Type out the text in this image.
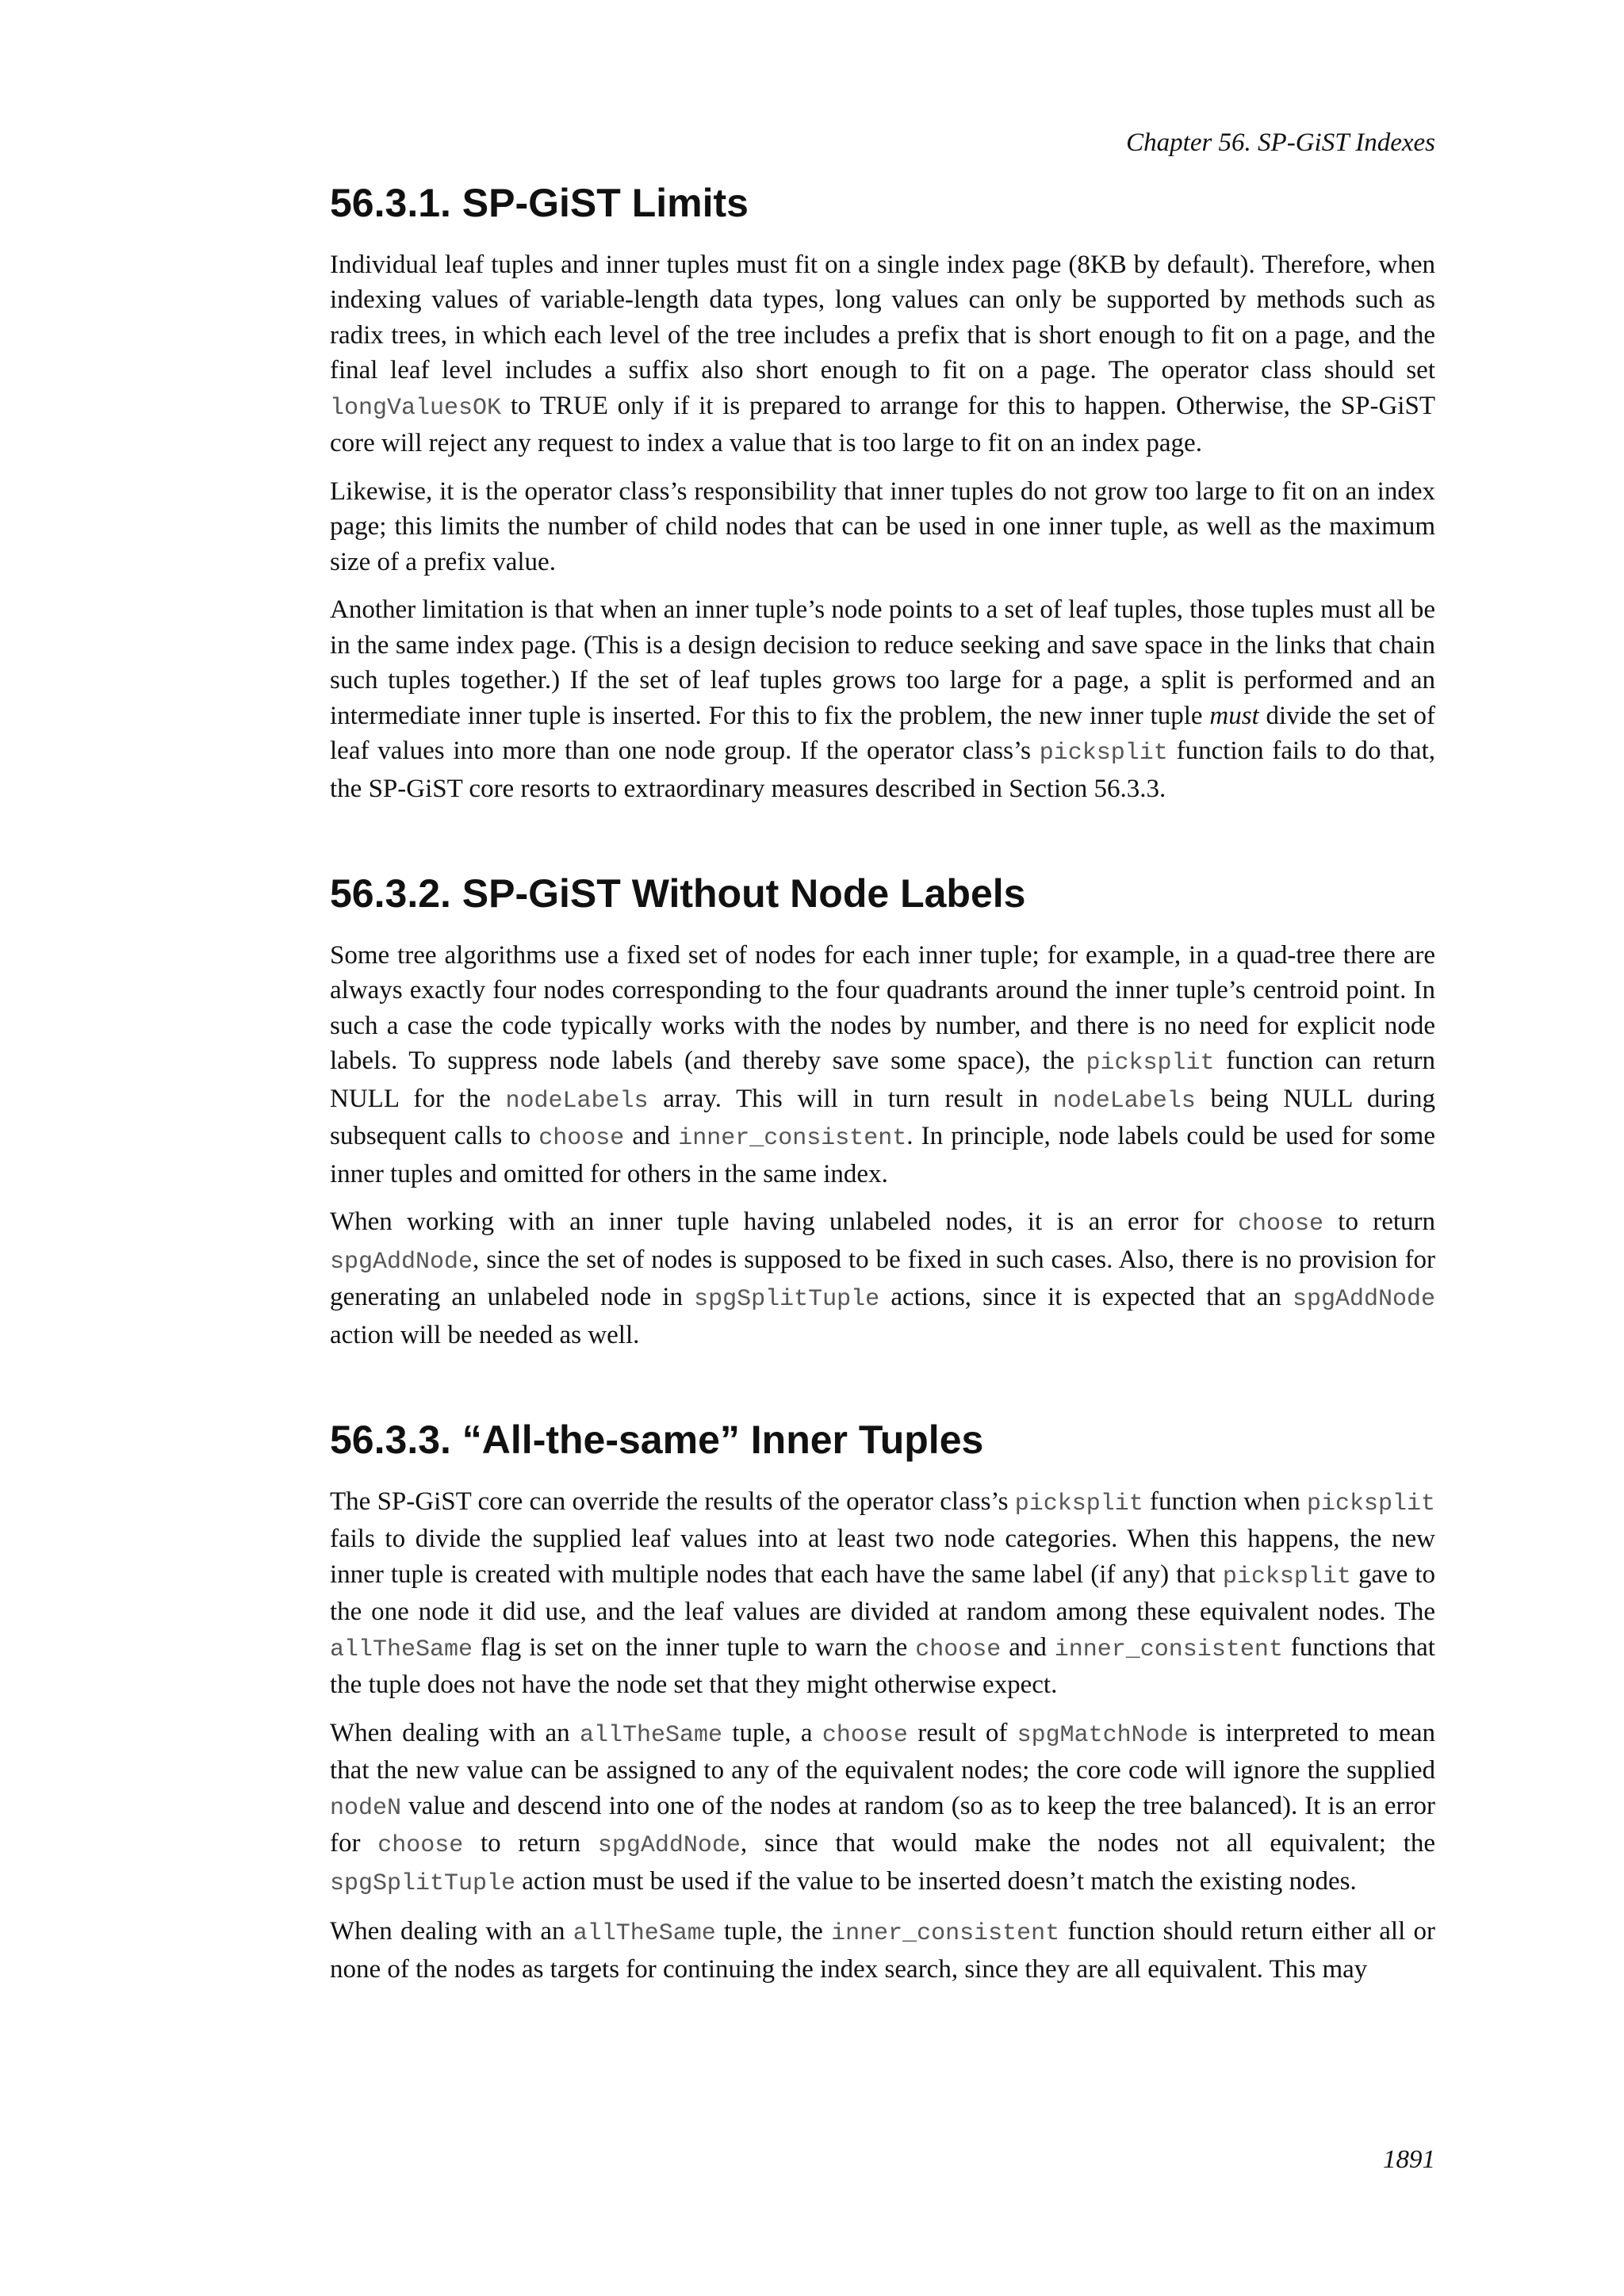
Chapter 56. SP-GiST Indexes
56.3.1. SP-GiST Limits

Individual leaf tuples and inner tuples must fit on a single index page (8KB by default). Therefore, when indexing values of variable-length data types, long values can only be supported by methods such as radix trees, in which each level of the tree includes a prefix that is short enough to fit on a page, and the final leaf level includes a suffix also short enough to fit on a page. The operator class should set longValuesOK to TRUE only if it is prepared to arrange for this to happen. Otherwise, the SP-GiST core will reject any request to index a value that is too large to fit on an index page.

Likewise, it is the operator class’s responsibility that inner tuples do not grow too large to fit on an index page; this limits the number of child nodes that can be used in one inner tuple, as well as the maximum size of a prefix value.

Another limitation is that when an inner tuple’s node points to a set of leaf tuples, those tuples must all be in the same index page. (This is a design decision to reduce seeking and save space in the links that chain such tuples together.) If the set of leaf tuples grows too large for a page, a split is performed and an intermediate inner tuple is inserted. For this to fix the problem, the new inner tuple must divide the set of leaf values into more than one node group. If the operator class’s picksplit function fails to do that, the SP-GiST core resorts to extraordinary measures described in Section 56.3.3.

56.3.2. SP-GiST Without Node Labels

Some tree algorithms use a fixed set of nodes for each inner tuple; for example, in a quad-tree there are always exactly four nodes corresponding to the four quadrants around the inner tuple’s centroid point. In such a case the code typically works with the nodes by number, and there is no need for explicit node labels. To suppress node labels (and thereby save some space), the picksplit function can return NULL for the nodeLabels array. This will in turn result in nodeLabels being NULL during subsequent calls to choose and inner_consistent. In principle, node labels could be used for some inner tuples and omitted for others in the same index.

When working with an inner tuple having unlabeled nodes, it is an error for choose to return spgAddNode, since the set of nodes is supposed to be fixed in such cases. Also, there is no provision for generating an unlabeled node in spgSplitTuple actions, since it is expected that an spgAddNode action will be needed as well.

56.3.3. “All-the-same” Inner Tuples

The SP-GiST core can override the results of the operator class’s picksplit function when picksplit fails to divide the supplied leaf values into at least two node categories. When this happens, the new inner tuple is created with multiple nodes that each have the same label (if any) that picksplit gave to the one node it did use, and the leaf values are divided at random among these equivalent nodes. The allTheSame flag is set on the inner tuple to warn the choose and inner_consistent functions that the tuple does not have the node set that they might otherwise expect.

When dealing with an allTheSame tuple, a choose result of spgMatchNode is interpreted to mean that the new value can be assigned to any of the equivalent nodes; the core code will ignore the supplied nodeN value and descend into one of the nodes at random (so as to keep the tree balanced). It is an error for choose to return spgAddNode, since that would make the nodes not all equivalent; the spgSplitTuple action must be used if the value to be inserted doesn’t match the existing nodes.

When dealing with an allTheSame tuple, the inner_consistent function should return either all or none of the nodes as targets for continuing the index search, since they are all equivalent. This may

1891
